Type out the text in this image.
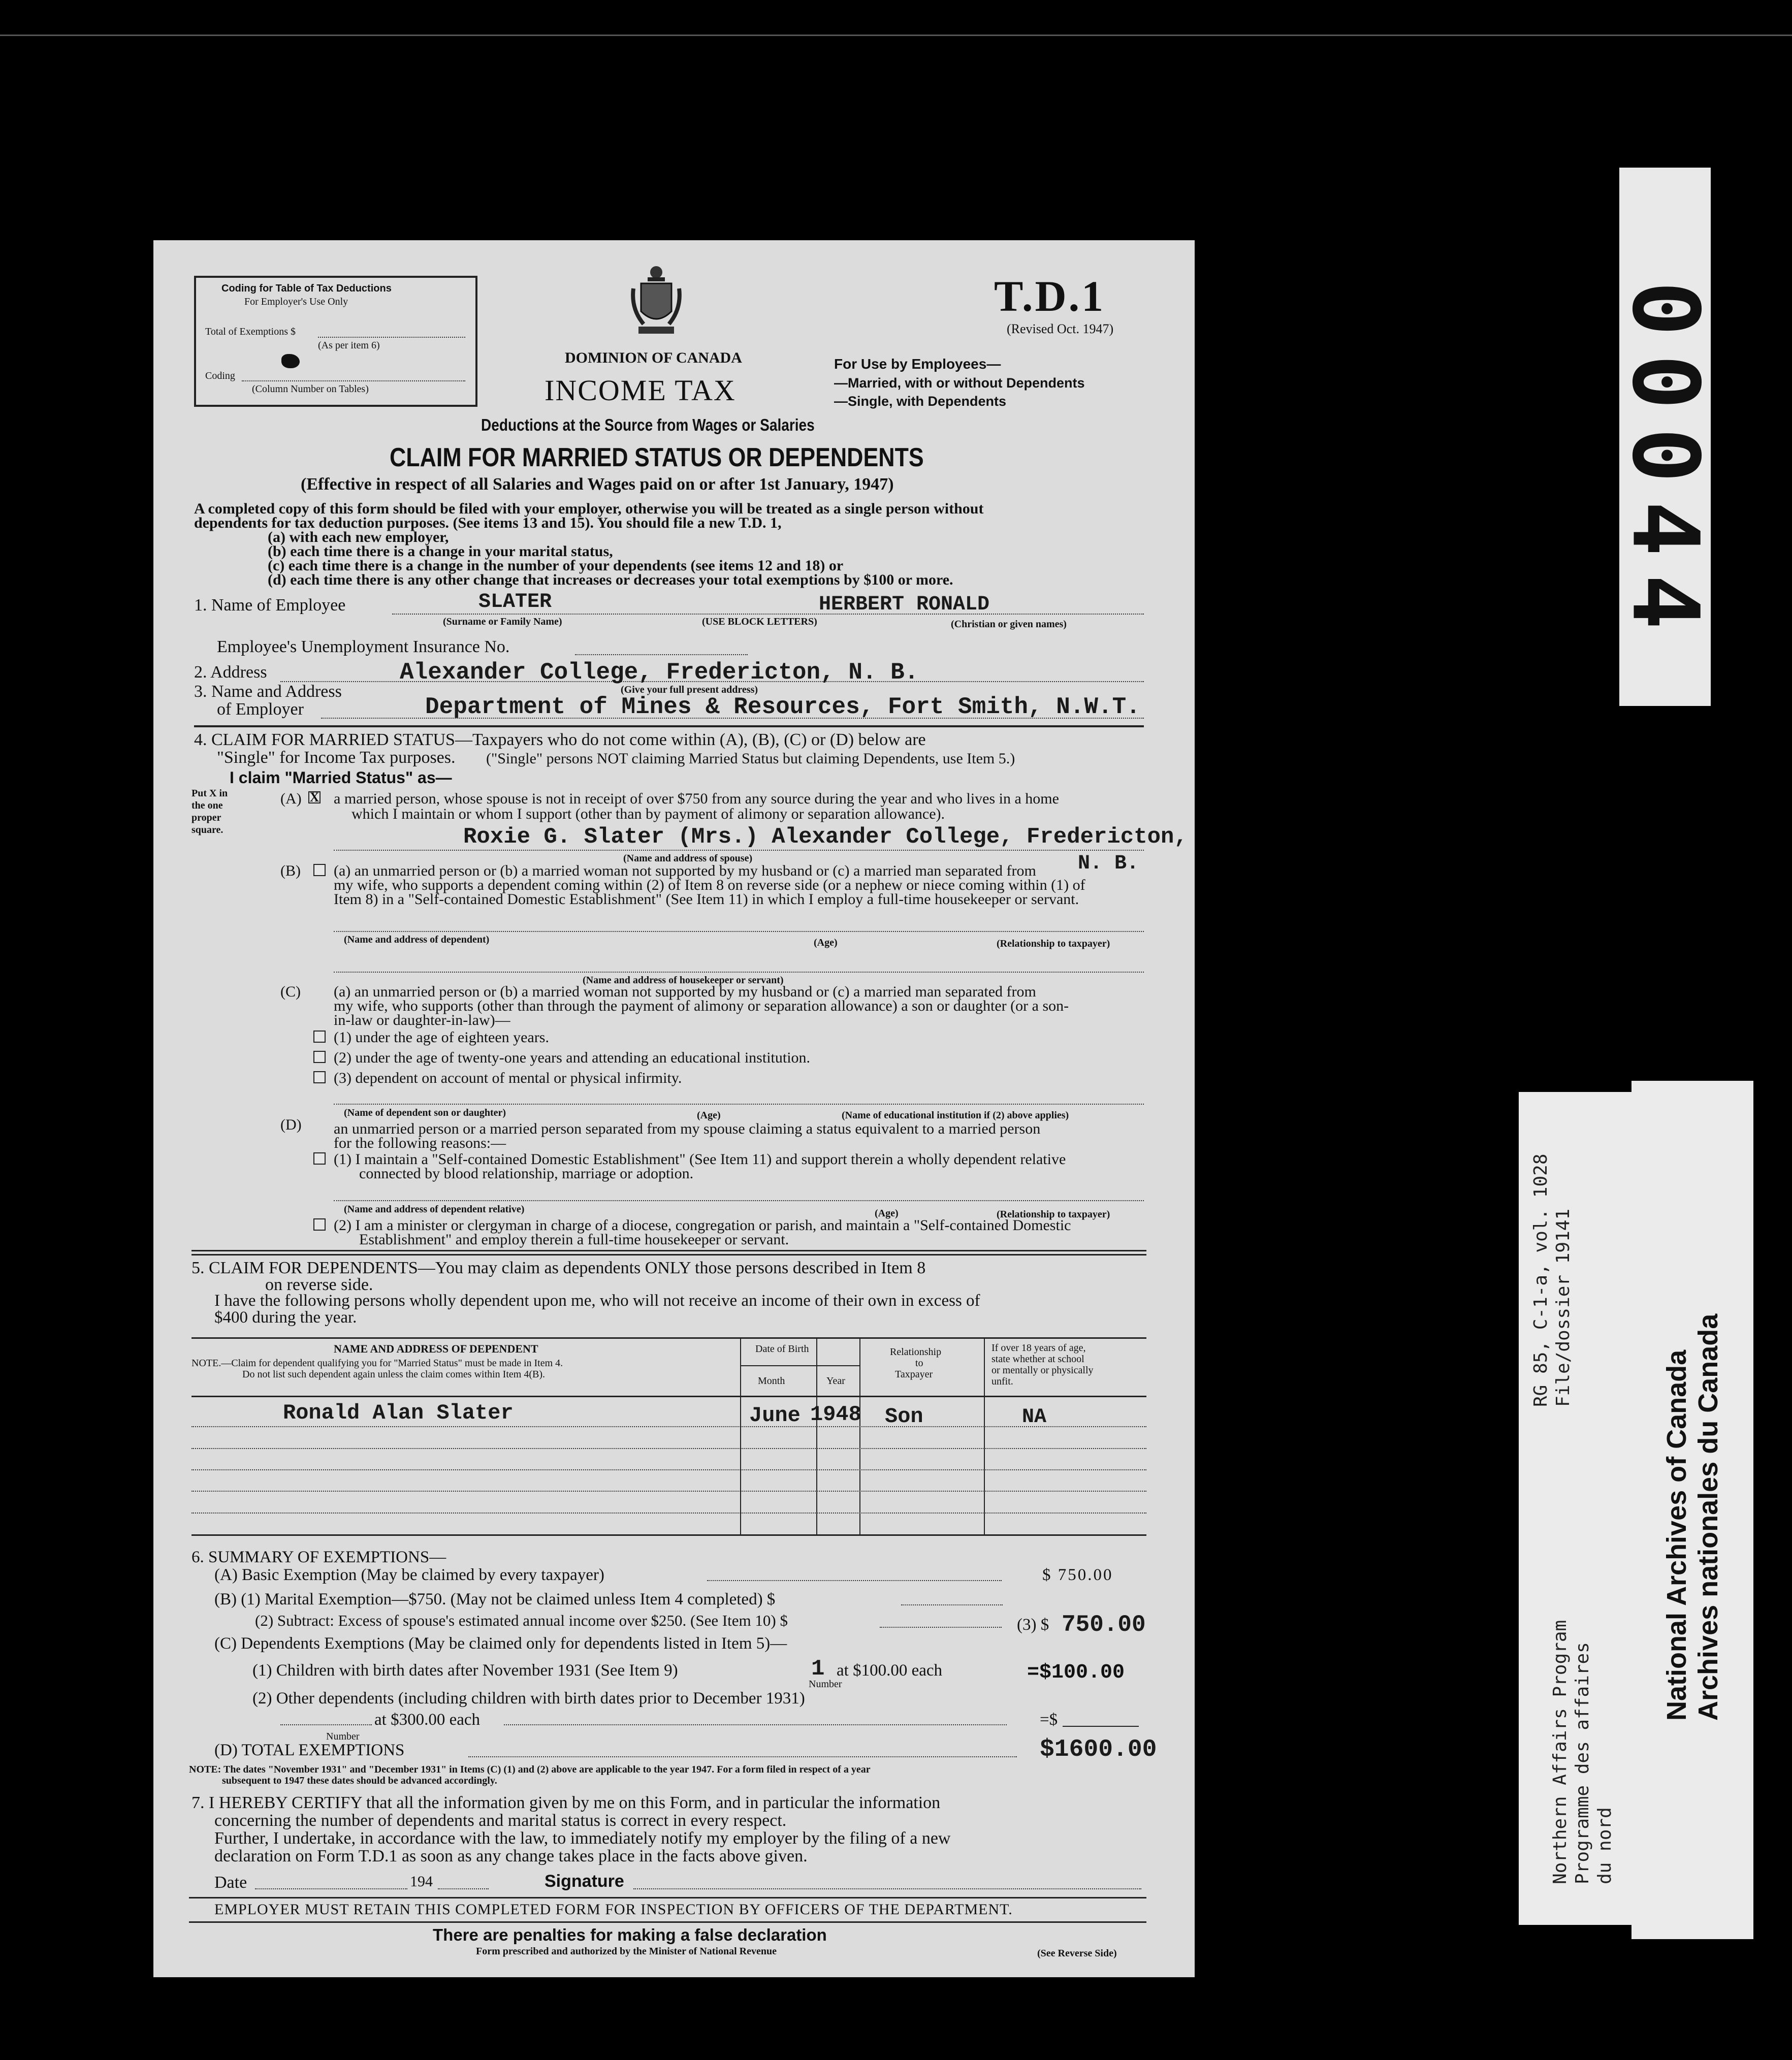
00044
RG 85, C-1-a, vol. 1028 File/dossier 19141
Northern Affairs Program Programme des affaires du nord
National Archives of Canada Archives nationales du Canada
Coding for Table of Tax Deductions
For Employer's Use Only
Total of Exemptions $
(As per item 6)
Coding
(Column Number on Tables)
DOMINION OF CANADA
INCOME TAX
Deductions at the Source from Wages or Salaries
CLAIM FOR MARRIED STATUS OR DEPENDENTS
(Effective in respect of all Salaries and Wages paid on or after 1st January, 1947)
T.D.1
(Revised Oct. 1947)
For Use by Employees—
—Married, with or without Dependents
—Single, with Dependents
A completed copy of this form should be filed with your employer, otherwise you will be treated as a single person without
dependents for tax deduction purposes. (See items 13 and 15). You should file a new T.D. 1,
(a) with each new employer,
(b) each time there is a change in your marital status,
(c) each time there is a change in the number of your dependents (see items 12 and 18) or
(d) each time there is any other change that increases or decreases your total exemptions by $100 or more.
1. Name of Employee	SLATER	HERBERT RONALD
(Surname or Family Name)	(USE BLOCK LETTERS)	(Christian or given names)
Employee's Unemployment Insurance No.
2. Address	Alexander College, Fredericton, N. B.
(Give your full present address)
3. Name and Address
of Employer	Department of Mines & Resources, Fort Smith, N.W.T.
4. CLAIM FOR MARRIED STATUS—Taxpayers who do not come within (A), (B), (C) or (D) below are
"Single" for Income Tax purposes. ("Single" persons NOT claiming Married Status but claiming Dependents, use Item 5.)
I claim "Married Status" as—
Put X in
the one
proper
square.
(A) X a married person, whose spouse is not in receipt of over $750 from any source during the year and who lives in a home
which I maintain or whom I support (other than by payment of alimony or separation allowance).
Roxie G. Slater (Mrs.) Alexander College, Fredericton,
N. B.
(Name and address of spouse)
(B) (a) an unmarried person or (b) a married woman not supported by my husband or (c) a married man separated from
my wife, who supports a dependent coming within (2) of Item 8 on reverse side (or a nephew or niece coming within (1) of
Item 8) in a "Self-contained Domestic Establishment" (See Item 11) in which I employ a full-time housekeeper or servant.
(Name and address of dependent)	(Age)	(Relationship to taxpayer)
(Name and address of housekeeper or servant)
(C) (a) an unmarried person or (b) a married woman not supported by my husband or (c) a married man separated from
my wife, who supports (other than through the payment of alimony or separation allowance) a son or daughter (or a son-
in-law or daughter-in-law)—
(1) under the age of eighteen years.
(2) under the age of twenty-one years and attending an educational institution.
(3) dependent on account of mental or physical infirmity.
(Name of dependent son or daughter)	(Age)	(Name of educational institution if (2) above applies)
(D) an unmarried person or a married person separated from my spouse claiming a status equivalent to a married person
for the following reasons:—
(1) I maintain a "Self-contained Domestic Establishment" (See Item 11) and support therein a wholly dependent relative
connected by blood relationship, marriage or adoption.
(Name and address of dependent relative)	(Age)	(Relationship to taxpayer)
(2) I am a minister or clergyman in charge of a diocese, congregation or parish, and maintain a "Self-contained Domestic
Establishment" and employ therein a full-time housekeeper or servant.
5. CLAIM FOR DEPENDENTS—You may claim as dependents ONLY those persons described in Item 8
on reverse side.
I have the following persons wholly dependent upon me, who will not receive an income of their own in excess of
$400 during the year.
NAME AND ADDRESS OF DEPENDENT
NOTE.—Claim for dependent qualifying you for "Married Status" must be made in Item 4.
Do not list such dependent again unless the claim comes within Item 4(B).
Date of Birth
Month	Year
Relationship
to
Taxpayer
If over 18 years of age,
state whether at school
or mentally or physically
unfit.
Ronald Alan Slater	June 1948 Son	NA
6. SUMMARY OF EXEMPTIONS—
(A) Basic Exemption (May be claimed by every taxpayer)	$ 750.00
(B) (1) Marital Exemption—$750. (May not be claimed unless Item 4 completed) $
(2) Subtract: Excess of spouse's estimated annual income over $250. (See Item 10) $	(3) $ 750.00
(C) Dependents Exemptions (May be claimed only for dependents listed in Item 5)—
(1) Children with birth dates after November 1931 (See Item 9)	1 at $100.00 each	=$100.00
Number
(2) Other dependents (including children with birth dates prior to December 1931)
at $300.00 each	=$
Number
(D) TOTAL EXEMPTIONS	$1600.00
NOTE: The dates "November 1931" and "December 1931" in Items (C) (1) and (2) above are applicable to the year 1947. For a form filed in respect of a year
subsequent to 1947 these dates should be advanced accordingly.
7. I HEREBY CERTIFY that all the information given by me on this Form, and in particular the information
concerning the number of dependents and marital status is correct in every respect.
Further, I undertake, in accordance with the law, to immediately notify my employer by the filing of a new
declaration on Form T.D.1 as soon as any change takes place in the facts above given.
Date	194	Signature
EMPLOYER MUST RETAIN THIS COMPLETED FORM FOR INSPECTION BY OFFICERS OF THE DEPARTMENT.
There are penalties for making a false declaration
Form prescribed and authorized by the Minister of National Revenue	(See Reverse Side)
